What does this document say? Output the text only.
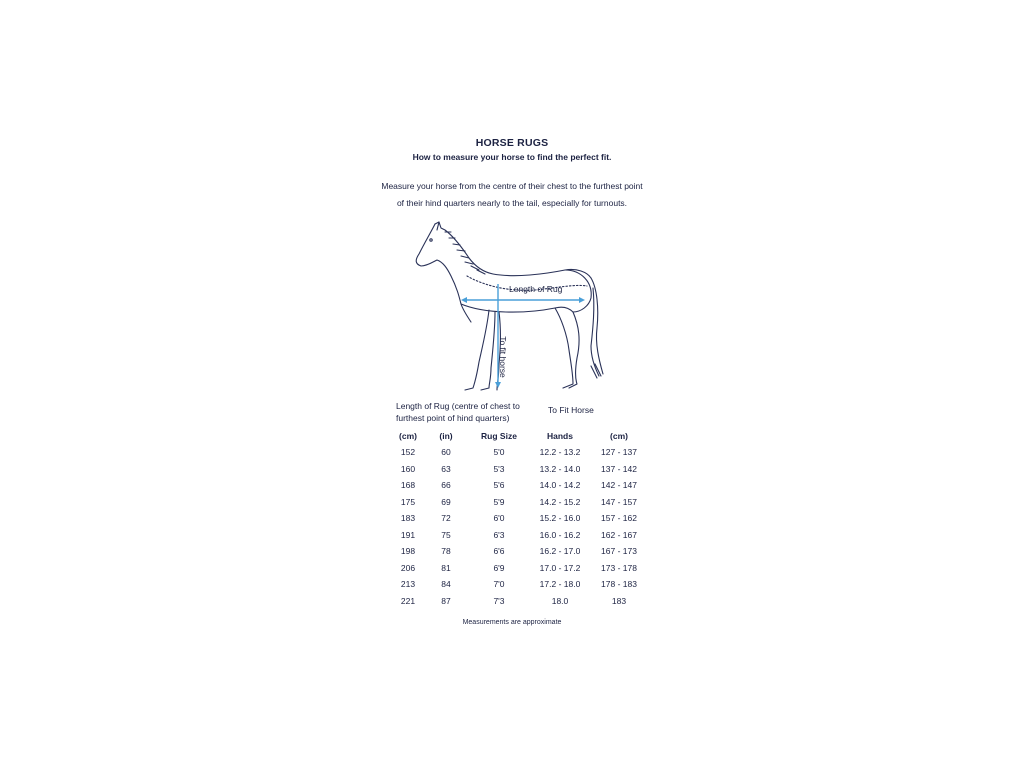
HORSE RUGS
How to measure your horse to find the perfect fit.
Measure your horse from the centre of their chest to the furthest point of their hind quarters nearly to the tail, especially for turnouts.
Length of Rug
To fit horse
Length of Rug (centre of chest to furthest point of hind quarters)
To Fit Horse
(cm)	(in)	Rug Size	Hands	(cm)
152	60	5'0	12.2 - 13.2	127 - 137
160	63	5'3	13.2 - 14.0	137 - 142
168	66	5'6	14.0 - 14.2	142 - 147
175	69	5'9	14.2 - 15.2	147 - 157
183	72	6'0	15.2 - 16.0	157 - 162
191	75	6'3	16.0 - 16.2	162 - 167
198	78	6'6	16.2 - 17.0	167 - 173
206	81	6'9	17.0 - 17.2	173 - 178
213	84	7'0	17.2 - 18.0	178 - 183
221	87	7'3	18.0	183
Measurements are approximate
